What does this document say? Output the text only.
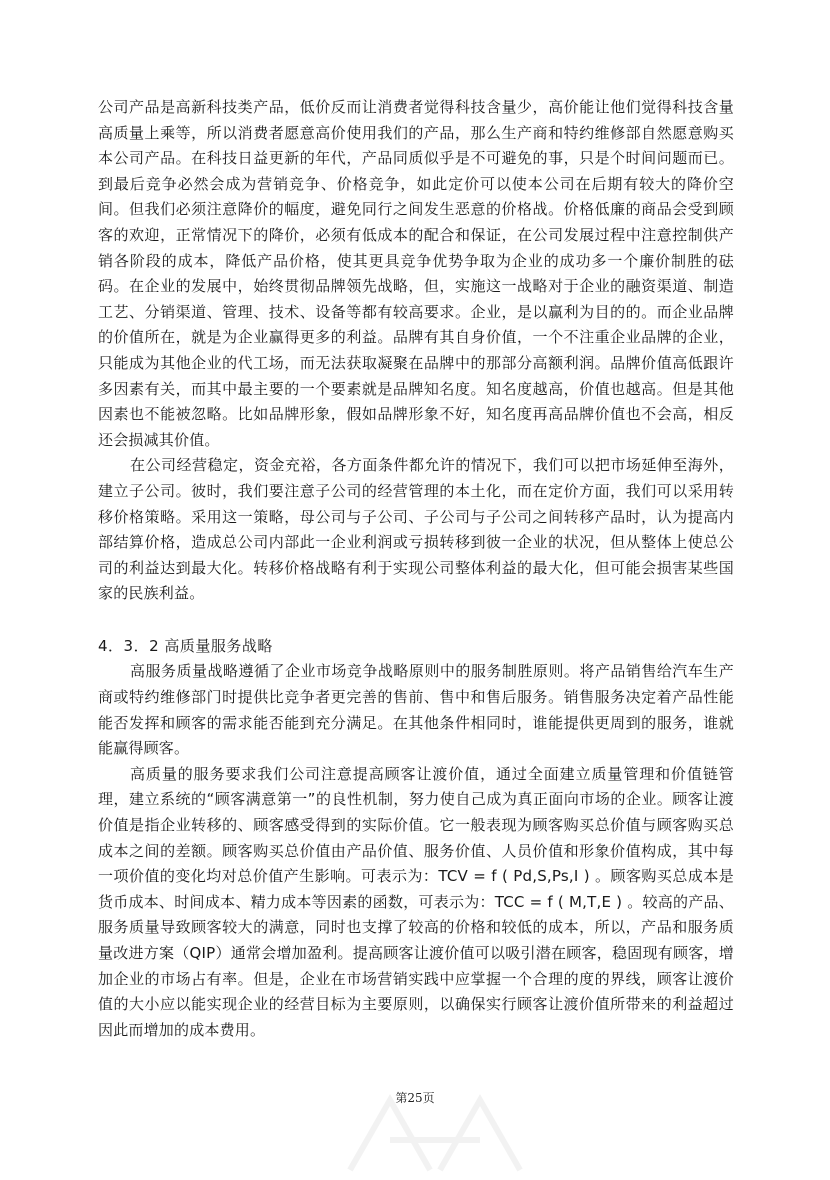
公司产品是高新科技类产品，低价反而让消费者觉得科技含量少，高价能让他们觉得科技含量高质量上乘等，所以消费者愿意高价使用我们的产品，那么生产商和特约维修部自然愿意购买本公司产品。在科技日益更新的年代，产品同质似乎是不可避免的事，只是个时间问题而已。到最后竞争必然会成为营销竞争、价格竞争，如此定价可以使本公司在后期有较大的降价空间。但我们必须注意降价的幅度，避免同行之间发生恶意的价格战。价格低廉的商品会受到顾客的欢迎，正常情况下的降价，必须有低成本的配合和保证，在公司发展过程中注意控制供产销各阶段的成本，降低产品价格，使其更具竞争优势争取为企业的成功多一个廉价制胜的砝码。在企业的发展中，始终贯彻品牌领先战略，但，实施这一战略对于企业的融资渠道、制造工艺、分销渠道、管理、技术、设备等都有较高要求。企业，是以赢利为目的的。而企业品牌的价值所在，就是为企业赢得更多的利益。品牌有其自身价值，一个不注重企业品牌的企业，只能成为其他企业的代工场，而无法获取凝聚在品牌中的那部分高额利润。品牌价值高低跟许多因素有关，而其中最主要的一个要素就是品牌知名度。知名度越高，价值也越高。但是其他因素也不能被忽略。比如品牌形象，假如品牌形象不好，知名度再高品牌价值也不会高，相反还会损减其价值。

在公司经营稳定，资金充裕，各方面条件都允许的情况下，我们可以把市场延伸至海外，建立子公司。彼时，我们要注意子公司的经营管理的本土化，而在定价方面，我们可以采用转移价格策略。采用这一策略，母公司与子公司、子公司与子公司之间转移产品时，认为提高内部结算价格，造成总公司内部此一企业利润或亏损转移到彼一企业的状况，但从整体上使总公司的利益达到最大化。转移价格战略有利于实现公司整体利益的最大化，但可能会损害某些国家的民族利益。

4．3．2 高质量服务战略

高服务质量战略遵循了企业市场竞争战略原则中的服务制胜原则。将产品销售给汽车生产商或特约维修部门时提供比竞争者更完善的售前、售中和售后服务。销售服务决定着产品性能能否发挥和顾客的需求能否能到充分满足。在其他条件相同时，谁能提供更周到的服务，谁就能赢得顾客。

高质量的服务要求我们公司注意提高顾客让渡价值，通过全面建立质量管理和价值链管理，建立系统的“顾客满意第一”的良性机制，努力使自己成为真正面向市场的企业。顾客让渡价值是指企业转移的、顾客感受得到的实际价值。它一般表现为顾客购买总价值与顾客购买总成本之间的差额。顾客购买总价值由产品价值、服务价值、人员价值和形象价值构成，其中每一项价值的变化均对总价值产生影响。可表示为：TCV = f ( Pd,S,Ps,I ) 。顾客购买总成本是货币成本、时间成本、精力成本等因素的函数，可表示为：TCC = f ( M,T,E ) 。较高的产品、服务质量导致顾客较大的满意，同时也支撑了较高的价格和较低的成本，所以，产品和服务质量改进方案（QIP）通常会增加盈利。提高顾客让渡价值可以吸引潜在顾客，稳固现有顾客，增加企业的市场占有率。但是，企业在市场营销实践中应掌握一个合理的度的界线，顾客让渡价值的大小应以能实现企业的经营目标为主要原则，以确保实行顾客让渡价值所带来的利益超过因此而增加的成本费用。

第25页
